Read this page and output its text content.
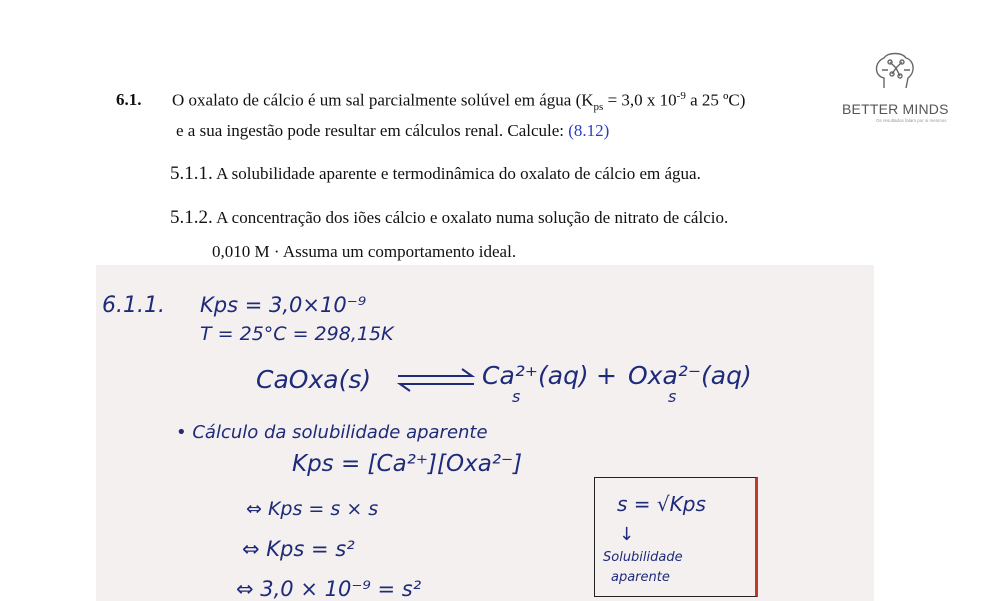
BETTER MINDS
Os resultados falam por si mesmos
6.1. O oxalato de cálcio é um sal parcialmente solúvel em água ($K_{ps} = 3,0$ x $10^{-9}$ a 25 ºC)
e a sua ingestão pode resultar em cálculos renal. Calcule: (8.12)
5.1.1. A solubilidade aparente e termodinâmica do oxalato de cálcio em água.
5.1.2. A concentração dos iões cálcio e oxalato numa solução de nitrato de cálcio.
0,010 M · Assuma um comportamento ideal.
6.1.1. Kps = 3,0×10⁻⁹
T = 25°C = 298,15K
CaOxa(s)	Ca²⁺(aq) + Oxa²⁻(aq)
s	s
• Cálculo da solubilidade aparente
Kps = [Ca²⁺][Oxa²⁻]
⇔ Kps = s × s
⇔ Kps = s²
⇔ 3,0 × 10⁻⁹ = s²
s = √Kps
↓
Solubilidade
aparente
